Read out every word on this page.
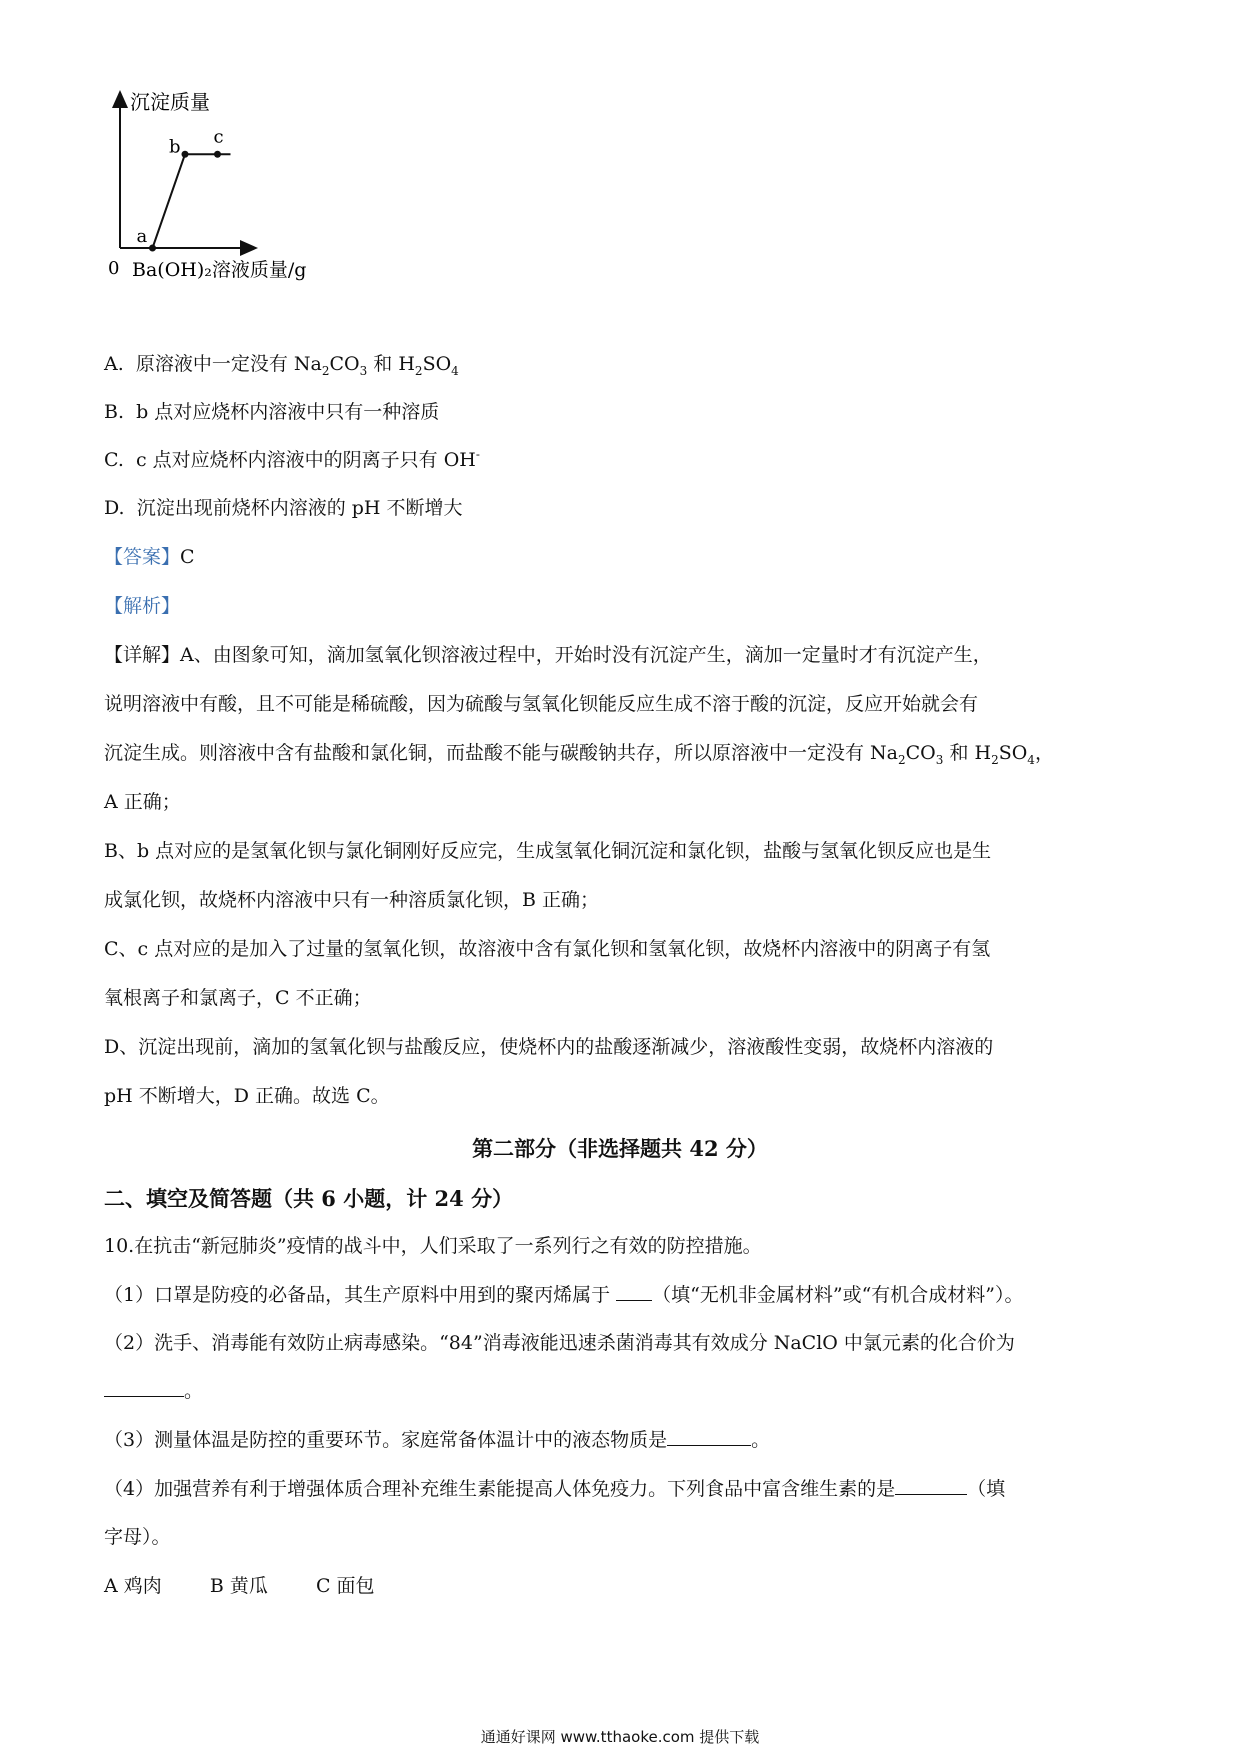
沉淀质量
0 Ba(OH)₂溶液质量/g
a
b c
A. 原溶液中一定没有 $Na_2CO_3$ 和 $H_2SO_4$
B. b 点对应烧杯内溶液中只有一种溶质
C. c 点对应烧杯内溶液中的阴离子只有 OH-
D. 沉淀出现前烧杯内溶液的 pH 不断增大
【答案】C
【解析】
【详解】A、由图象可知，滴加氢氧化钡溶液过程中，开始时没有沉淀产生，滴加一定量时才有沉淀产生，
说明溶液中有酸，且不可能是稀硫酸，因为硫酸与氢氧化钡能反应生成不溶于酸的沉淀，反应开始就会有
沉淀生成。则溶液中含有盐酸和氯化铜，而盐酸不能与碳酸钠共存，所以原溶液中一定没有 $Na_2CO_3$ 和 $H_2SO_4$，
A 正确；
B、b 点对应的是氢氧化钡与氯化铜刚好反应完，生成氢氧化铜沉淀和氯化钡，盐酸与氢氧化钡反应也是生
成氯化钡，故烧杯内溶液中只有一种溶质氯化钡，B 正确；
C、c 点对应的是加入了过量的氢氧化钡，故溶液中含有氯化钡和氢氧化钡，故烧杯内溶液中的阴离子有氢
氧根离子和氯离子，C 不正确；
D、沉淀出现前，滴加的氢氧化钡与盐酸反应，使烧杯内的盐酸逐渐减少，溶液酸性变弱，故烧杯内溶液的
pH 不断增大，D 正确。故选 C。
第二部分（非选择题共 42 分）
二、填空及简答题（共 6 小题，计 24 分）
10.在抗击“新冠肺炎”疫情的战斗中，人们采取了一系列行之有效的防控措施。
（1）口罩是防疫的必备品，其生产原料中用到的聚丙烯属于 （填“无机非金属材料”或“有机合成材料”）。
（2）洗手、消毒能有效防止病毒感染。“84”消毒液能迅速杀菌消毒其有效成分 NaClO 中氯元素的化合价为
。
（3）测量体温是防控的重要环节。家庭常备体温计中的液态物质是	。
（4）加强营养有利于增强体质合理补充维生素能提高人体免疫力。下列食品中富含维生素的是	（填
字母）。
A 鸡肉	B 黄瓜	C 面包
通通好课网 www.tthaoke.com 提供下载
